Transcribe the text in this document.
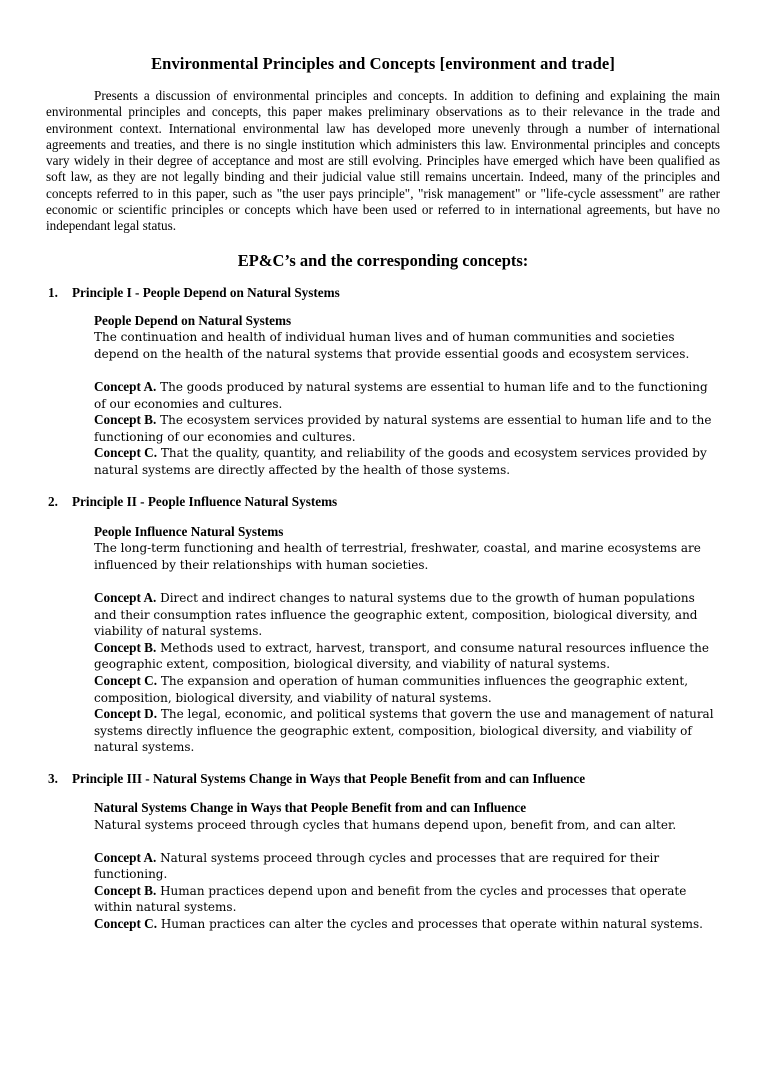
Environmental Principles and Concepts [environment and trade]

Presents a discussion of environmental principles and concepts. In addition to defining and explaining the main environmental principles and concepts, this paper makes preliminary observations as to their relevance in the trade and environment context. International environmental law has developed more unevenly through a number of international agreements and treaties, and there is no single institution which administers this law. Environmental principles and concepts vary widely in their degree of acceptance and most are still evolving. Principles have emerged which have been qualified as soft law, as they are not legally binding and their judicial value still remains uncertain. Indeed, many of the principles and concepts referred to in this paper, such as "the user pays principle", "risk management" or "life-cycle assessment" are rather economic or scientific principles or concepts which have been used or referred to in international agreements, but have no independant legal status.

EP&C’s and the corresponding concepts:
1.	Principle I - People Depend on Natural Systems

People Depend on Natural Systems

The continuation and health of individual human lives and of human communities and societies depend on the health of the natural systems that provide essential goods and ecosystem services.

Concept A. The goods produced by natural systems are essential to human life and to the functioning of our economies and cultures.

Concept B. The ecosystem services provided by natural systems are essential to human life and to the functioning of our economies and cultures.

Concept C. That the quality, quantity, and reliability of the goods and ecosystem services provided by natural systems are directly affected by the health of those systems.

2.	Principle II - People Influence Natural Systems

People Influence Natural Systems

The long-term functioning and health of terrestrial, freshwater, coastal, and marine ecosystems are influenced by their relationships with human societies.

Concept A. Direct and indirect changes to natural systems due to the growth of human populations and their consumption rates influence the geographic extent, composition, biological diversity, and viability of natural systems.

Concept B. Methods used to extract, harvest, transport, and consume natural resources influence the geographic extent, composition, biological diversity, and viability of natural systems.

Concept C. The expansion and operation of human communities influences the geographic extent, composition, biological diversity, and viability of natural systems.

Concept D. The legal, economic, and political systems that govern the use and management of natural systems directly influence the geographic extent, composition, biological diversity, and viability of natural systems.

3.	Principle III - Natural Systems Change in Ways that People Benefit from and can Influence

Natural Systems Change in Ways that People Benefit from and can Influence

Natural systems proceed through cycles that humans depend upon, benefit from, and can alter.

Concept A. Natural systems proceed through cycles and processes that are required for their functioning.

Concept B. Human practices depend upon and benefit from the cycles and processes that operate within natural systems.

Concept C. Human practices can alter the cycles and processes that operate within natural systems.
